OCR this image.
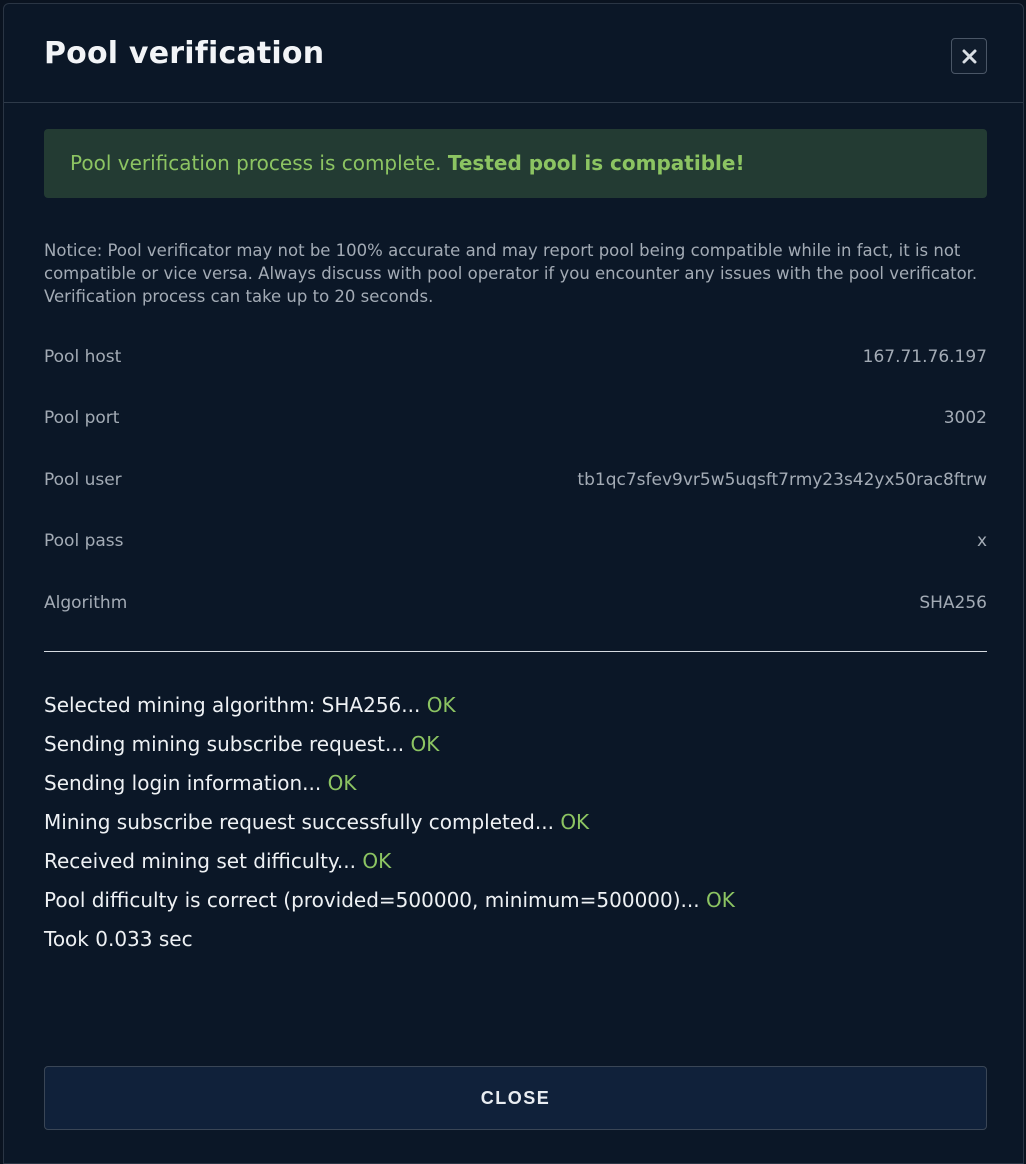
Pool verification
Pool verification process is complete. Tested pool is compatible!

Notice: Pool verificator may not be 100% accurate and may report pool being compatible while in fact, it is not compatible or vice versa. Always discuss with pool operator if you encounter any issues with the pool verificator. Verification process can take up to 20 seconds.

Pool host	167.71.76.197
Pool port	3002
Pool user	tb1qc7sfev9vr5w5uqsft7rmy23s42yx50rac8ftrw
Pool pass	x
Algorithm	SHA256
Selected mining algorithm: SHA256... OK
Sending mining subscribe request... OK
Sending login information... OK
Mining subscribe request successfully completed... OK
Received mining set difficulty... OK
Pool difficulty is correct (provided=500000, minimum=500000)... OK
Took 0.033 sec
CLOSE
